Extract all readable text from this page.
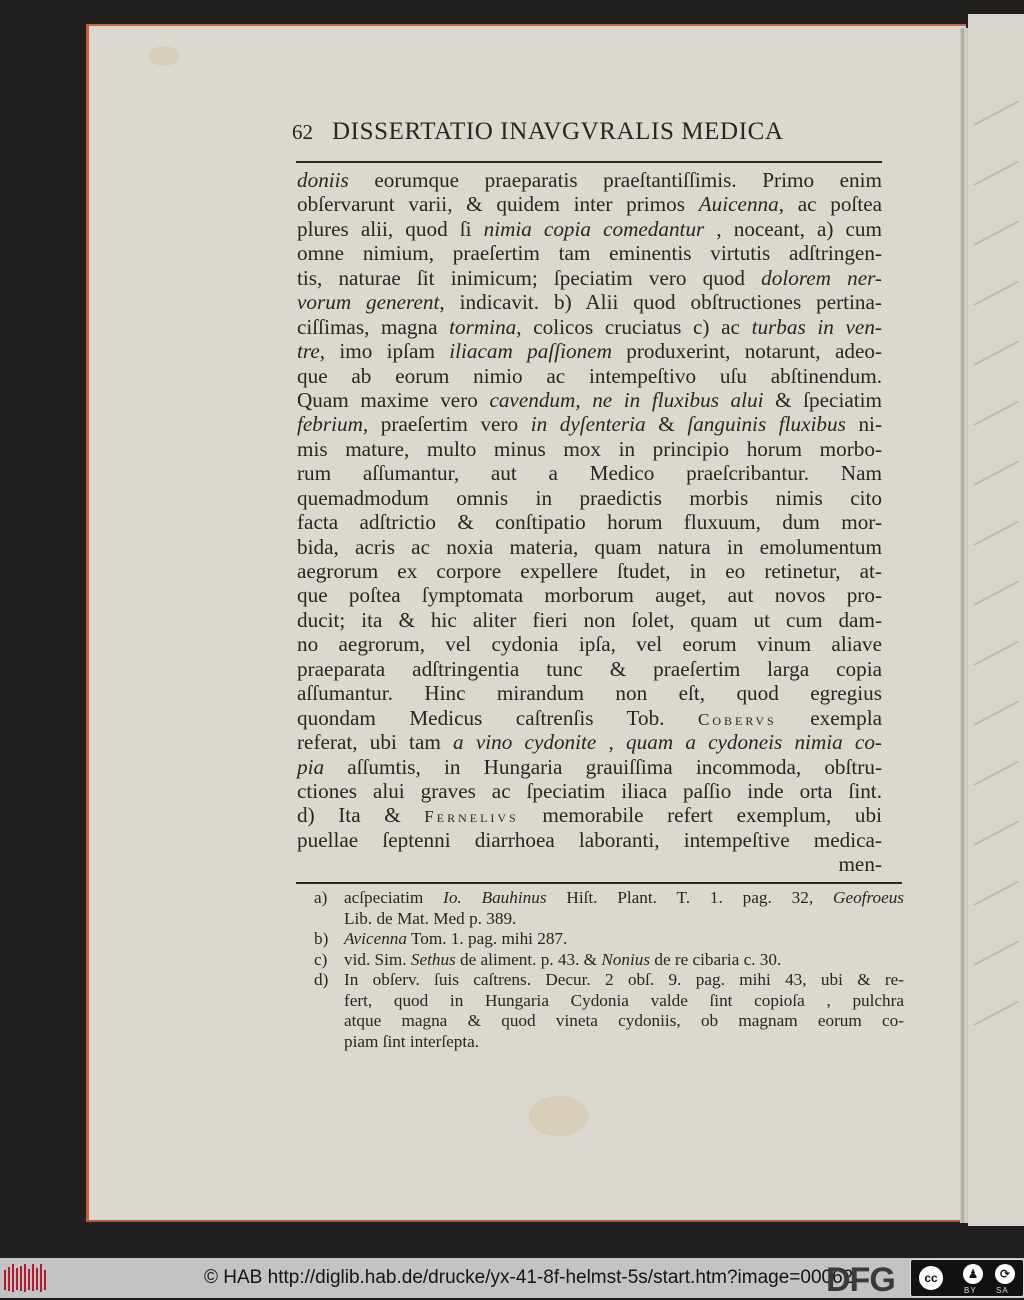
62 DISSERTATIO INAVGVRALIS MEDICA
doniis eorumque praeparatis praeſtantiſſimis. Primo enim
obſervarunt varii, & quidem inter primos Auicenna, ac poſtea
plures alii, quod ſi nimia copia comedantur , noceant, a) cum
omne nimium, praeſertim tam eminentis virtutis adſtringen-
tis, naturae ſit inimicum; ſpeciatim vero quod dolorem ner-
vorum generent, indicavit. b) Alii quod obſtructiones pertina-
ciſſimas, magna tormina, colicos cruciatus c) ac turbas in ven-
tre, imo ipſam iliacam paſſionem produxerint, notarunt, adeo-
que ab eorum nimio ac intempeſtivo uſu abſtinendum.
Quam maxime vero cavendum, ne in fluxibus alui & ſpeciatim
febrium, praeſertim vero in dyſenteria & ſanguinis fluxibus ni-
mis mature, multo minus mox in principio horum morbo-
rum aſſumantur, aut a Medico praeſcribantur. Nam
quemadmodum omnis in praedictis morbis nimis cito
facta adſtrictio & conſtipatio horum fluxuum, dum mor-
bida, acris ac noxia materia, quam natura in emolumentum
aegrorum ex corpore expellere ſtudet, in eo retinetur, at-
que poſtea ſymptomata morborum auget, aut novos pro-
ducit; ita & hic aliter fieri non ſolet, quam ut cum dam-
no aegrorum, vel cydonia ipſa, vel eorum vinum aliave
praeparata adſtringentia tunc & praeſertim larga copia
aſſumantur. Hinc mirandum non eſt, quod egregius
quondam Medicus caſtrenſis Tob. Cobervs exempla
referat, ubi tam a vino cydonite , quam a cydoneis nimia co-
pia aſſumtis, in Hungaria grauiſſima incommoda, obſtru-
ctiones alui graves ac ſpeciatim iliaca paſſio inde orta ſint.
d) Ita & Fernelivs memorabile refert exemplum, ubi
puellae ſeptenni diarrhoea laboranti, intempeſtive medica-
men-
a) acſpeciatim Io. Bauhinus Hiſt. Plant. T. 1. pag. 32, Geofroeus
Lib. de Mat. Med p. 389.
b) Avicenna Tom. 1. pag. mihi 287.
c) vid. Sim. Sethus de aliment. p. 43. & Nonius de re cibaria c. 30.
d) In obſerv. ſuis caſtrens. Decur. 2 obſ. 9. pag. mihi 43, ubi & re-
fert, quod in Hungaria Cydonia valde ſint copioſa , pulchra
atque magna & quod vineta cydoniis, ob magnam eorum co-
piam ſint interſepta.
© HAB http://diglib.hab.de/drucke/yx-41-8f-helmst-5s/start.htm?image=00062
DFG	cc	♟	⟳
BY SA
